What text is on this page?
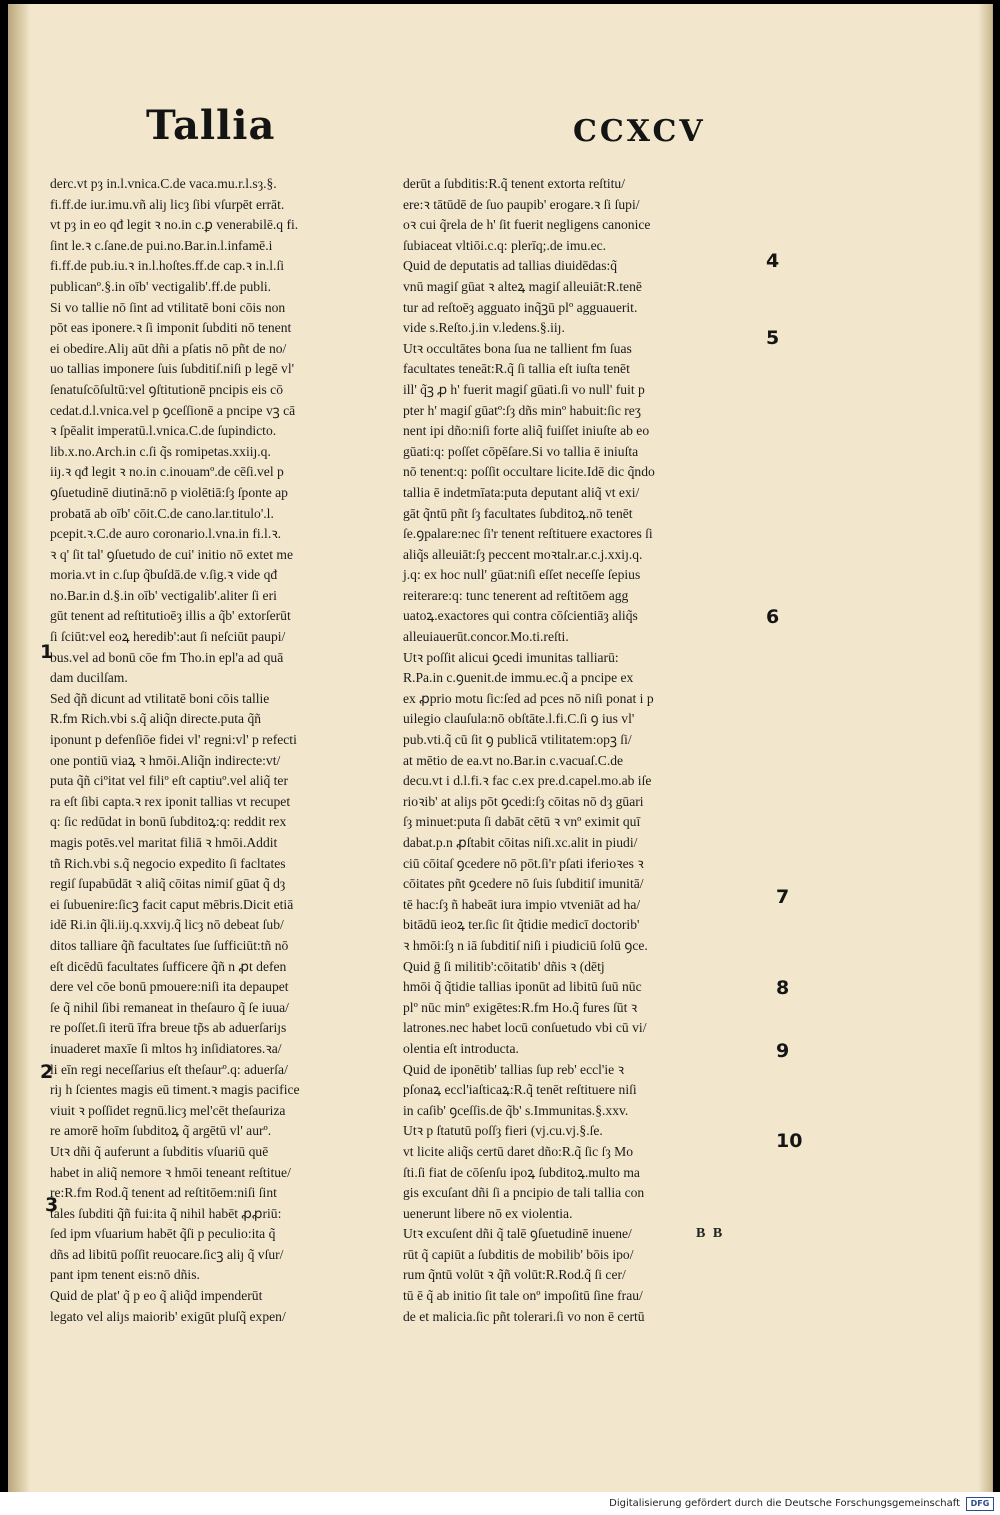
Tallia	CCXCV

derc.vt pȝ in.l.vnica.C.de vaca.mu.r.l.sȝ.§.

fi.ff.de iur.imu.vñ aliȷ licȝ ſibi vſurpēt errāt.

vt pȝ in eo qđ legit ꝛ no.in c.ꝑ venerabilē.q fi.

ſint le.ꝛ c.ſane.de pui.no.Bar.in.l.infamē.i

fi.ff.de pub.iu.ꝛ in.l.hoſtes.ff.de cap.ꝛ in.l.ſi

publicanº.§.in oīb' vectigalib'.ff.de publi.

Si vo tallie nō ſint ad vtilitatē boni cōis non

pōt eas iponere.ꝛ ſi imponit ſubditi nō tenent

ei obedire.Aliȷ aūt dñi a pſatis nō pñt de no/

uo tallias imponere ſuis ſubditiſ.niſi p legē vl'

ſenatuſcōſultū:vel ꝯſtitutionē pncipis eis cō

cedat.d.l.vnica.vel p ꝯceſſionē a pncipe vꝫ cā

ꝛ ſpēalit imperatū.l.vnica.C.de ſupindicto.

lib.x.no.Arch.in c.ſi q̃s romipetas.xxiiȷ.q.

iiȷ.ꝛ qđ legit ꝛ no.in c.inouamº.de cēſi.vel p

ꝯſuetudinē diutinā:nō p violētiā:ſȝ ſponte ap

probatā ab oīb' cōit.C.de cano.lar.titulo'.l.

pcepit.ꝛ.C.de auro coronario.l.vna.in fi.l.ꝛ.

ꝛ q' ſit tal' ꝯſuetudo de cui' initio nō extet me

moria.vt in c.ſup q̃buſdā.de v.ſig.ꝛ vide qđ

no.Bar.in d.§.in oīb' vectigalib'.aliter ſi eri

gūt tenent ad reſtitutioēȝ illis a q̃b' extorſerūt

ſi ſciūt:vel eoꝝ heredib':aut ſi neſciūt paupi/

bus.vel ad bonū cōe fm Tho.in epl'a ad quā

dam ducilſam.

Sed q̃ñ dicunt ad vtilitatē boni cōis tallie

R.fm Rich.vbi s.q̃ aliq̃n directe.puta q̃ñ

iponunt p defenſiōe fidei vl' regni:vl' p refecti

one pontiū viaꝝ ꝛ hmōi.Aliq̃n indirecte:vt/

puta q̃ñ ciºitat vel filiº eſt captiuº.vel aliq̃ ter

ra eſt ſibi capta.ꝛ rex iponit tallias vt recupet

q: ſic redūdat in bonū ſubditoꝝ:q: reddit rex

magis potēs.vel maritat filiā ꝛ hmōi.Addit

tñ Rich.vbi s.q̃ negocio expedito ſi facltates

regiſ ſupabūdāt ꝛ aliq̃ cōitas nimiſ gūat q̃ dȝ

ei ſubuenire:ſicꝫ facit caput mēbris.Dicit etiā

idē Ri.in q̃li.iiȷ.q.xxviȷ.q̃ licȝ nō debeat ſub/

ditos talliare q̃ñ facultates ſue ſufficiūt:tñ nō

eſt dicēdū facultates ſufficere q̃ñ n ꝓt defen

dere vel cōe bonū pmouere:niſi ita depaupet

ſe q̃ nihil ſibi remaneat in theſauro q̃ ſe iuua/

re poſſet.ſi iterū īfra breue tp̃s ab aduerſariȷs

inuaderet maxīe ſi mltos hȝ inſidiatores.ꝛa/

li eīn regi neceſſarius eſt theſaurº.q: aduerſa/

riȷ h ſcientes magis eū timent.ꝛ magis pacifice

viuit ꝛ poſſidet regnū.licȝ mel'cēt theſauriza

re amorē hoīm ſubditoꝝ q̃ argētū vl' aurº.

Utꝛ dñi q̃ auferunt a ſubditis vſuariū quē

habet in aliq̃ nemore ꝛ hmōi teneant reſtitue/

re:R.fm Rod.q̃ tenent ad reſtitōem:niſi ſint

tales ſubditi q̃ñ fui:ita q̃ nihil habēt ꝓꝓriū:

ſed ipm vſuarium habēt q̃ſi p peculio:ita q̃

dñs ad libitū poſſit reuocare.ſicꝫ aliȷ q̃ vſur/

pant ipm tenent eis:nō dñis.

Quid de plat' q̃ p eo q̃ aliq̃d impenderūt

legato vel aliȷs maiorib' exigūt pluſq̃ expen/

derūt a ſubditis:R.q̃ tenent extorta reſtitu/

ere:ꝛ tātūdē de ſuo paupib' erogare.ꝛ ſi ſupi/

oꝛ cui q̃rela de h' ſit fuerit negligens canonice

ſubiaceat vltiōi.c.q: plerīq;.de imu.ec.

Quid de deputatis ad tallias diuidēdas:q̃

vnū magiſ gūat ꝛ alteꝝ magiſ alleuiāt:R.tenē

tur ad reſtoēȝ agguato inq̃ꝫū plº agguauerit.

vide s.Reſto.j.in v.ledens.§.iiȷ.

Utꝛ occultātes bona ſua ne tallient fm ſuas

facultates teneāt:R.q̃ ſi tallia eſt iuſta tenēt

ill' q̃ꝫ ꝓ h' fuerit magiſ gūati.ſi vo null' fuit p

pter h' magiſ gūatº:ſȝ dñs minº habuit:ſic reʒ

nent ipi dño:niſi forte aliq̃ fuiſſet iniuſte ab eo

gūati:q: poſſet cōpēſare.Si vo tallia ē iniuſta

nō tenent:q: poſſit occultare licite.Idē dic q̃ndo

tallia ē indetmīata:puta deputant aliq̃ vt exi/

gāt q̃ntū pñt ſȝ facultates ſubditoꝝ.nō tenēt

ſe.ꝯpalare:nec ſi'r tenent reſtituere exactores ſi

aliq̃s alleuiāt:ſȝ peccent moꝛtalr.ar.c.j.xxiȷ.q.

j.q: ex hoc null' gūat:niſi eſſet neceſſe ſepius

reiterare:q: tunc tenerent ad reſtitōem agg

uatoꝝ.exactores qui contra cōſcientiāȝ aliq̃s

alleuiauerūt.concor.Mo.ti.reſti.

Utꝛ poſſit alicui ꝯcedi imunitas talliarū:

R.Pa.in c.ꝯuenit.de immu.ec.q̃ a pncipe ex

ex ꝓprio motu ſic:ſed ad pces nō niſi ponat i p

uilegio clauſula:nō obſtāte.l.fi.C.ſi ꝯ ius vl'

pub.vti.q̃ cū ſit ꝯ publicā vtilitatem:opꝫ ſi/

at mētio de ea.vt no.Bar.in c.vacuaſ.C.de

decu.vt i d.l.fi.ꝛ fac c.ex pre.d.capel.mo.ab iſe

rioꝛib' at aliȷs pōt ꝯcedi:ſȝ cōitas nō dȝ gūari

ſȝ minuet:puta ſi dabāt cētū ꝛ vnº eximit quī

dabat.p.n ꝓſtabit cōitas niſi.xc.alit in piudi/

ciū cōitaſ ꝯcedere nō pōt.ſi'r pſati iferioꝛes ꝛ

cōitates pñt ꝯcedere nō ſuis ſubditiſ imunitā/

tē hac:ſȝ ñ habeāt iura impio vtveniāt ad ha/

bitādū ieoꝝ ter.ſic ſit q̃tidie medicī doctorib'

ꝛ hmōi:ſȝ n iā ſubditiſ niſi i piudiciū ſolū ꝯce.

Quid ḡ ſi militib':cōitatib' dñis ꝛ (dētj

hmōi q̃ q̃tidie tallias iponūt ad libitū ſuū nūc

plº nūc minº exigētes:R.fm Ho.q̃ fures ſūt ꝛ

latrones.nec habet locū conſuetudo vbi cū vi/

olentia eſt introducta.

Quid de iponētib' tallias ſup reb' eccl'ie ꝛ

pſonaꝝ eccl'iaſticaꝝ:R.q̃ tenēt reſtituere niſi

in caſib' ꝯceſſis.de q̃b' s.Immunitas.§.xxv.

Utꝛ p ſtatutū poſſȝ fieri (vj.cu.vj.§.ſe.

vt licite aliq̃s certū daret dño:R.q̃ ſic ſȝ Mo

ſti.ſi fiat de cōſenſu ipoꝝ ſubditoꝝ.multo ma

gis excuſant dñi ſi a pncipio de tali tallia con

uenerunt libere nō ex violentia.

Utꝛ excuſent dñi q̃ talē ꝯſuetudinē inuene/

rūt q̃ capiūt a ſubditis de mobilib' bōis ipo/

rum q̃ntū volūt ꝛ q̃ñ volūt:R.Rod.q̃ ſi cer/

tū ē q̃ ab initio ſit tale onº impoſitū ſine frau/

de et malicia.ſic pñt tolerari.ſi vo non ē certū

1
2
3
4
5
6
7
8
9
10
B B
Digitalisierung gefördert durch die Deutsche Forschungsgemeinschaft	DFG
